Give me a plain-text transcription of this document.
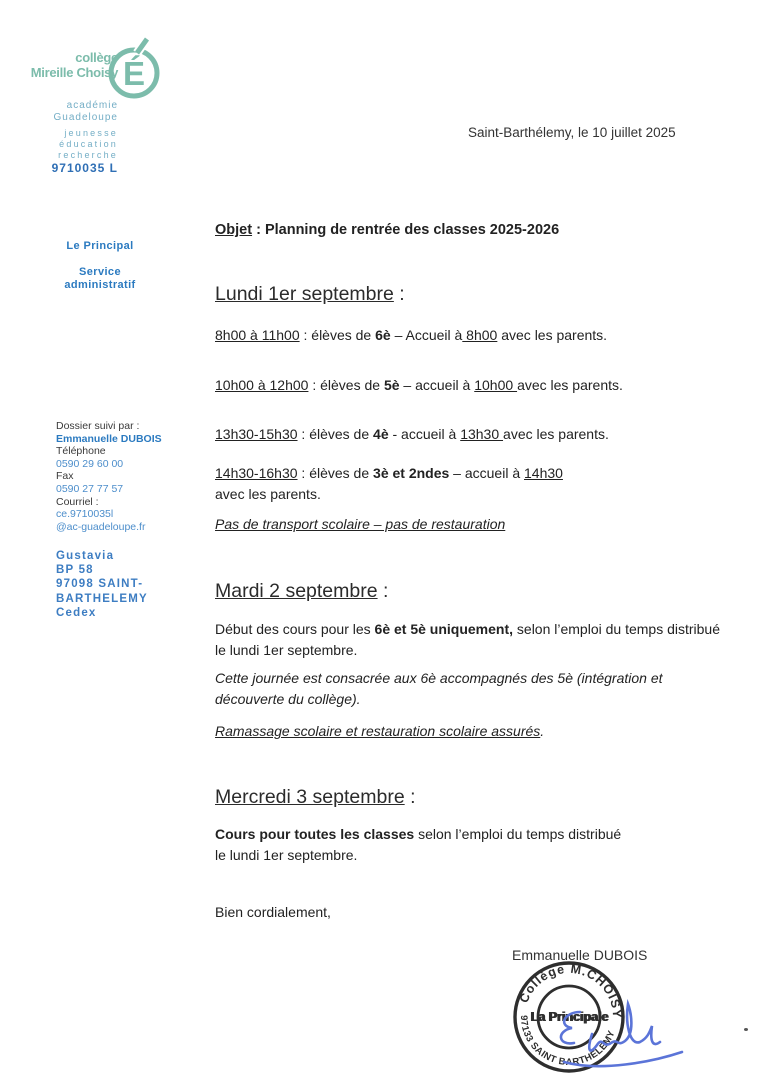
collège
Mireille Choisy É
académie
Guadeloupe
jeunesse
éducation
recherche
9710035 L
Saint-Barthélemy, le 10 juillet 2025
Le Principal
Service
administratif
Dossier suivi par :
Emmanuelle DUBOIS
Téléphone
0590 29 60 00
Fax
0590 27 77 57
Courriel :
ce.9710035l
@ac-guadeloupe.fr
Gustavia
BP 58
97098 SAINT-
BARTHELEMY
Cedex
Objet : Planning de rentrée des classes 2025-2026
Lundi 1er septembre :
8h00 à 11h00 : élèves de 6è – Accueil à 8h00 avec les parents.
10h00 à 12h00 : élèves de 5è – accueil à 10h00 avec les parents.
13h30-15h30 : élèves de 4è - accueil à 13h30 avec les parents.
14h30-16h30 : élèves de 3è et 2ndes – accueil à 14h30
avec les parents.
Pas de transport scolaire – pas de restauration
Mardi 2 septembre :
Début des cours pour les 6è et 5è uniquement, selon l’emploi du temps distribué
le lundi 1er septembre.
Cette journée est consacrée aux 6è accompagnés des 5è (intégration et
découverte du collège).
Ramassage scolaire et restauration scolaire assurés.
Mercredi 3 septembre :
Cours pour toutes les classes selon l’emploi du temps distribué
le lundi 1er septembre.
Bien cordialement,
Emmanuelle DUBOIS
Collège M.CHOISY
97133 SAINT BARTHÉLEMY
La Principale
